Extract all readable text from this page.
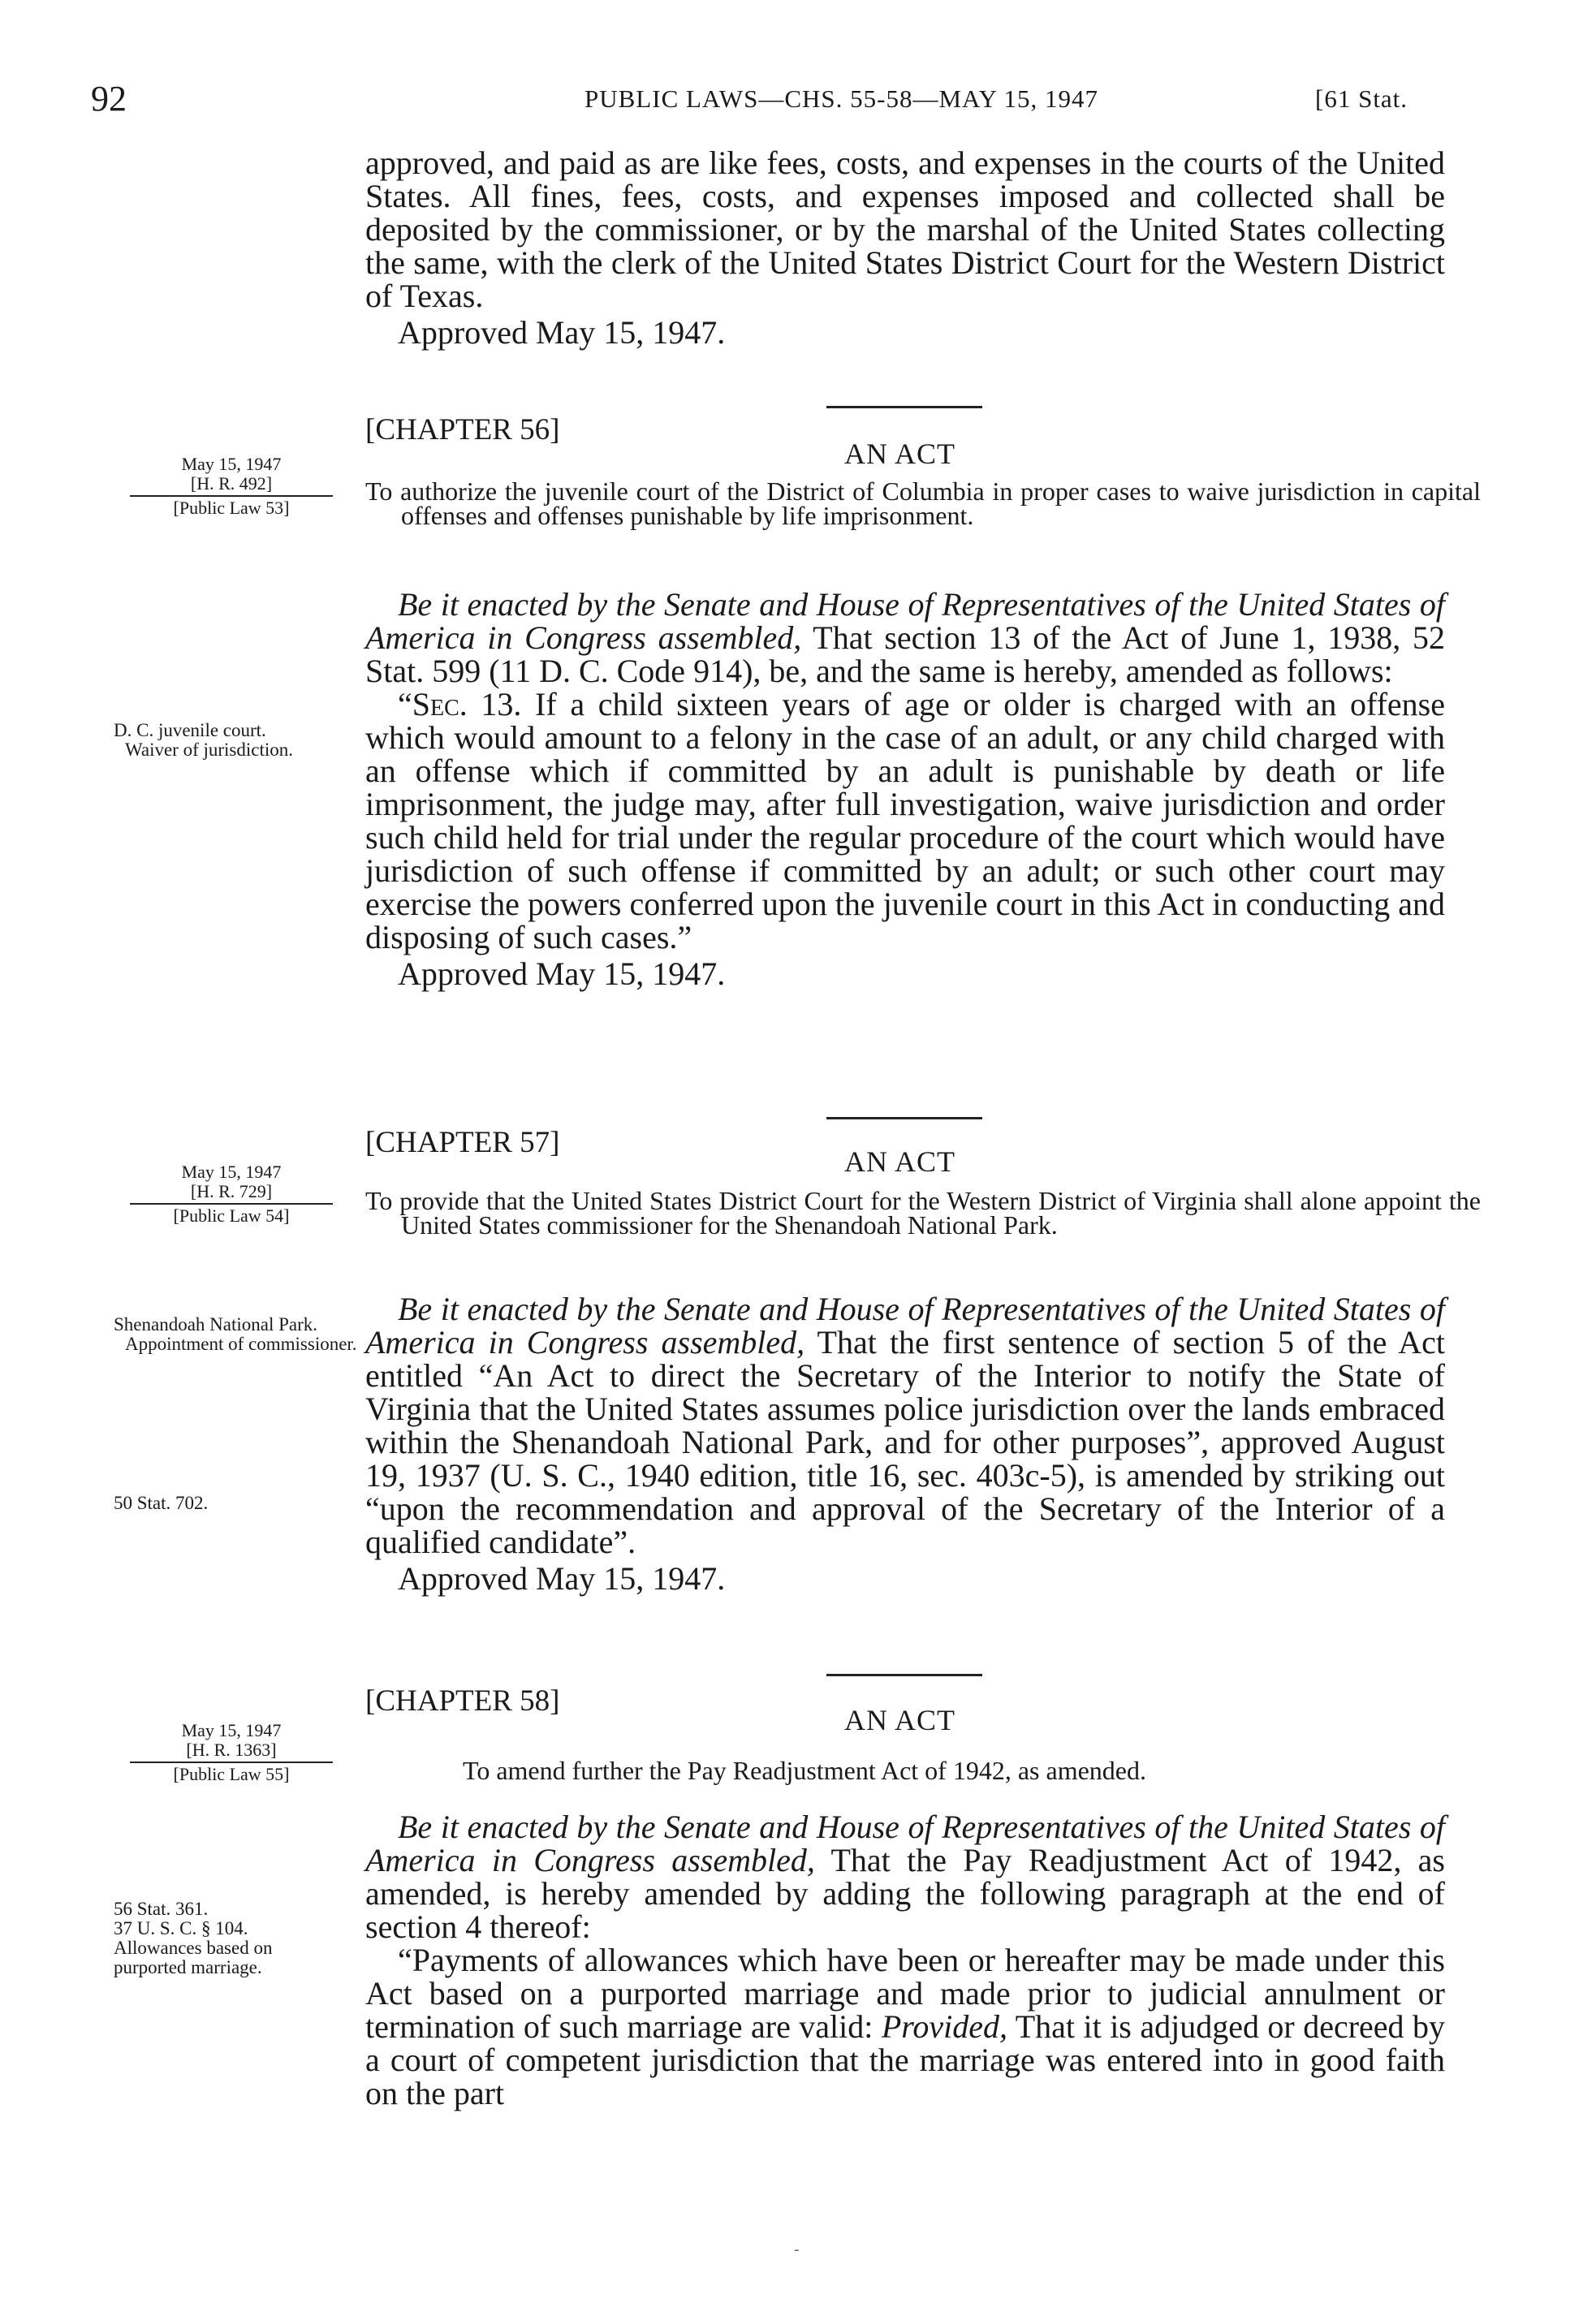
92	PUBLIC LAWS—CHS. 55-58—MAY 15, 1947	[61 Stat.

approved, and paid as are like fees, costs, and expenses in the courts of the United States. All fines, fees, costs, and expenses imposed and collected shall be deposited by the commissioner, or by the marshal of the United States collecting the same, with the clerk of the United States District Court for the Western District of Texas.

Approved May 15, 1947.

[CHAPTER 56]
AN ACT

To authorize the juvenile court of the District of Columbia in proper cases to waive jurisdiction in capital offenses and offenses punishable by life imprisonment.

May 15, 1947
[H. R. 492]
[Public Law 53]
D. C. juvenile court.
Waiver of jurisdiction.

Be it enacted by the Senate and House of Representatives of the United States of America in Congress assembled, That section 13 of the Act of June 1, 1938, 52 Stat. 599 (11 D. C. Code 914), be, and the same is hereby, amended as follows:

“Sec. 13. If a child sixteen years of age or older is charged with an offense which would amount to a felony in the case of an adult, or any child charged with an offense which if committed by an adult is punishable by death or life imprisonment, the judge may, after full investigation, waive jurisdiction and order such child held for trial under the regular procedure of the court which would have jurisdiction of such offense if committed by an adult; or such other court may exercise the powers conferred upon the juvenile court in this Act in conducting and disposing of such cases.”

Approved May 15, 1947.

[CHAPTER 57]
AN ACT

To provide that the United States District Court for the Western District of Virginia shall alone appoint the United States commissioner for the Shenandoah National Park.

May 15, 1947
[H. R. 729]
[Public Law 54]
Shenandoah National Park.
Appointment of commissioner.
50 Stat. 702.

Be it enacted by the Senate and House of Representatives of the United States of America in Congress assembled, That the first sentence of section 5 of the Act entitled “An Act to direct the Secretary of the Interior to notify the State of Virginia that the United States assumes police jurisdiction over the lands embraced within the Shenandoah National Park, and for other purposes”, approved August 19, 1937 (U. S. C., 1940 edition, title 16, sec. 403c-5), is amended by striking out “upon the recommendation and approval of the Secretary of the Interior of a qualified candidate”.

Approved May 15, 1947.

[CHAPTER 58]
AN ACT

To amend further the Pay Readjustment Act of 1942, as amended.

May 15, 1947
[H. R. 1363]
[Public Law 55]
56 Stat. 361.
37 U. S. C. § 104.
Allowances based on purported marriage.

Be it enacted by the Senate and House of Representatives of the United States of America in Congress assembled, That the Pay Readjustment Act of 1942, as amended, is hereby amended by adding the following paragraph at the end of section 4 thereof:

“Payments of allowances which have been or hereafter may be made under this Act based on a purported marriage and made prior to judicial annulment or termination of such marriage are valid: Provided, That it is adjudged or decreed by a court of competent jurisdiction that the marriage was entered into in good faith on the part

-
